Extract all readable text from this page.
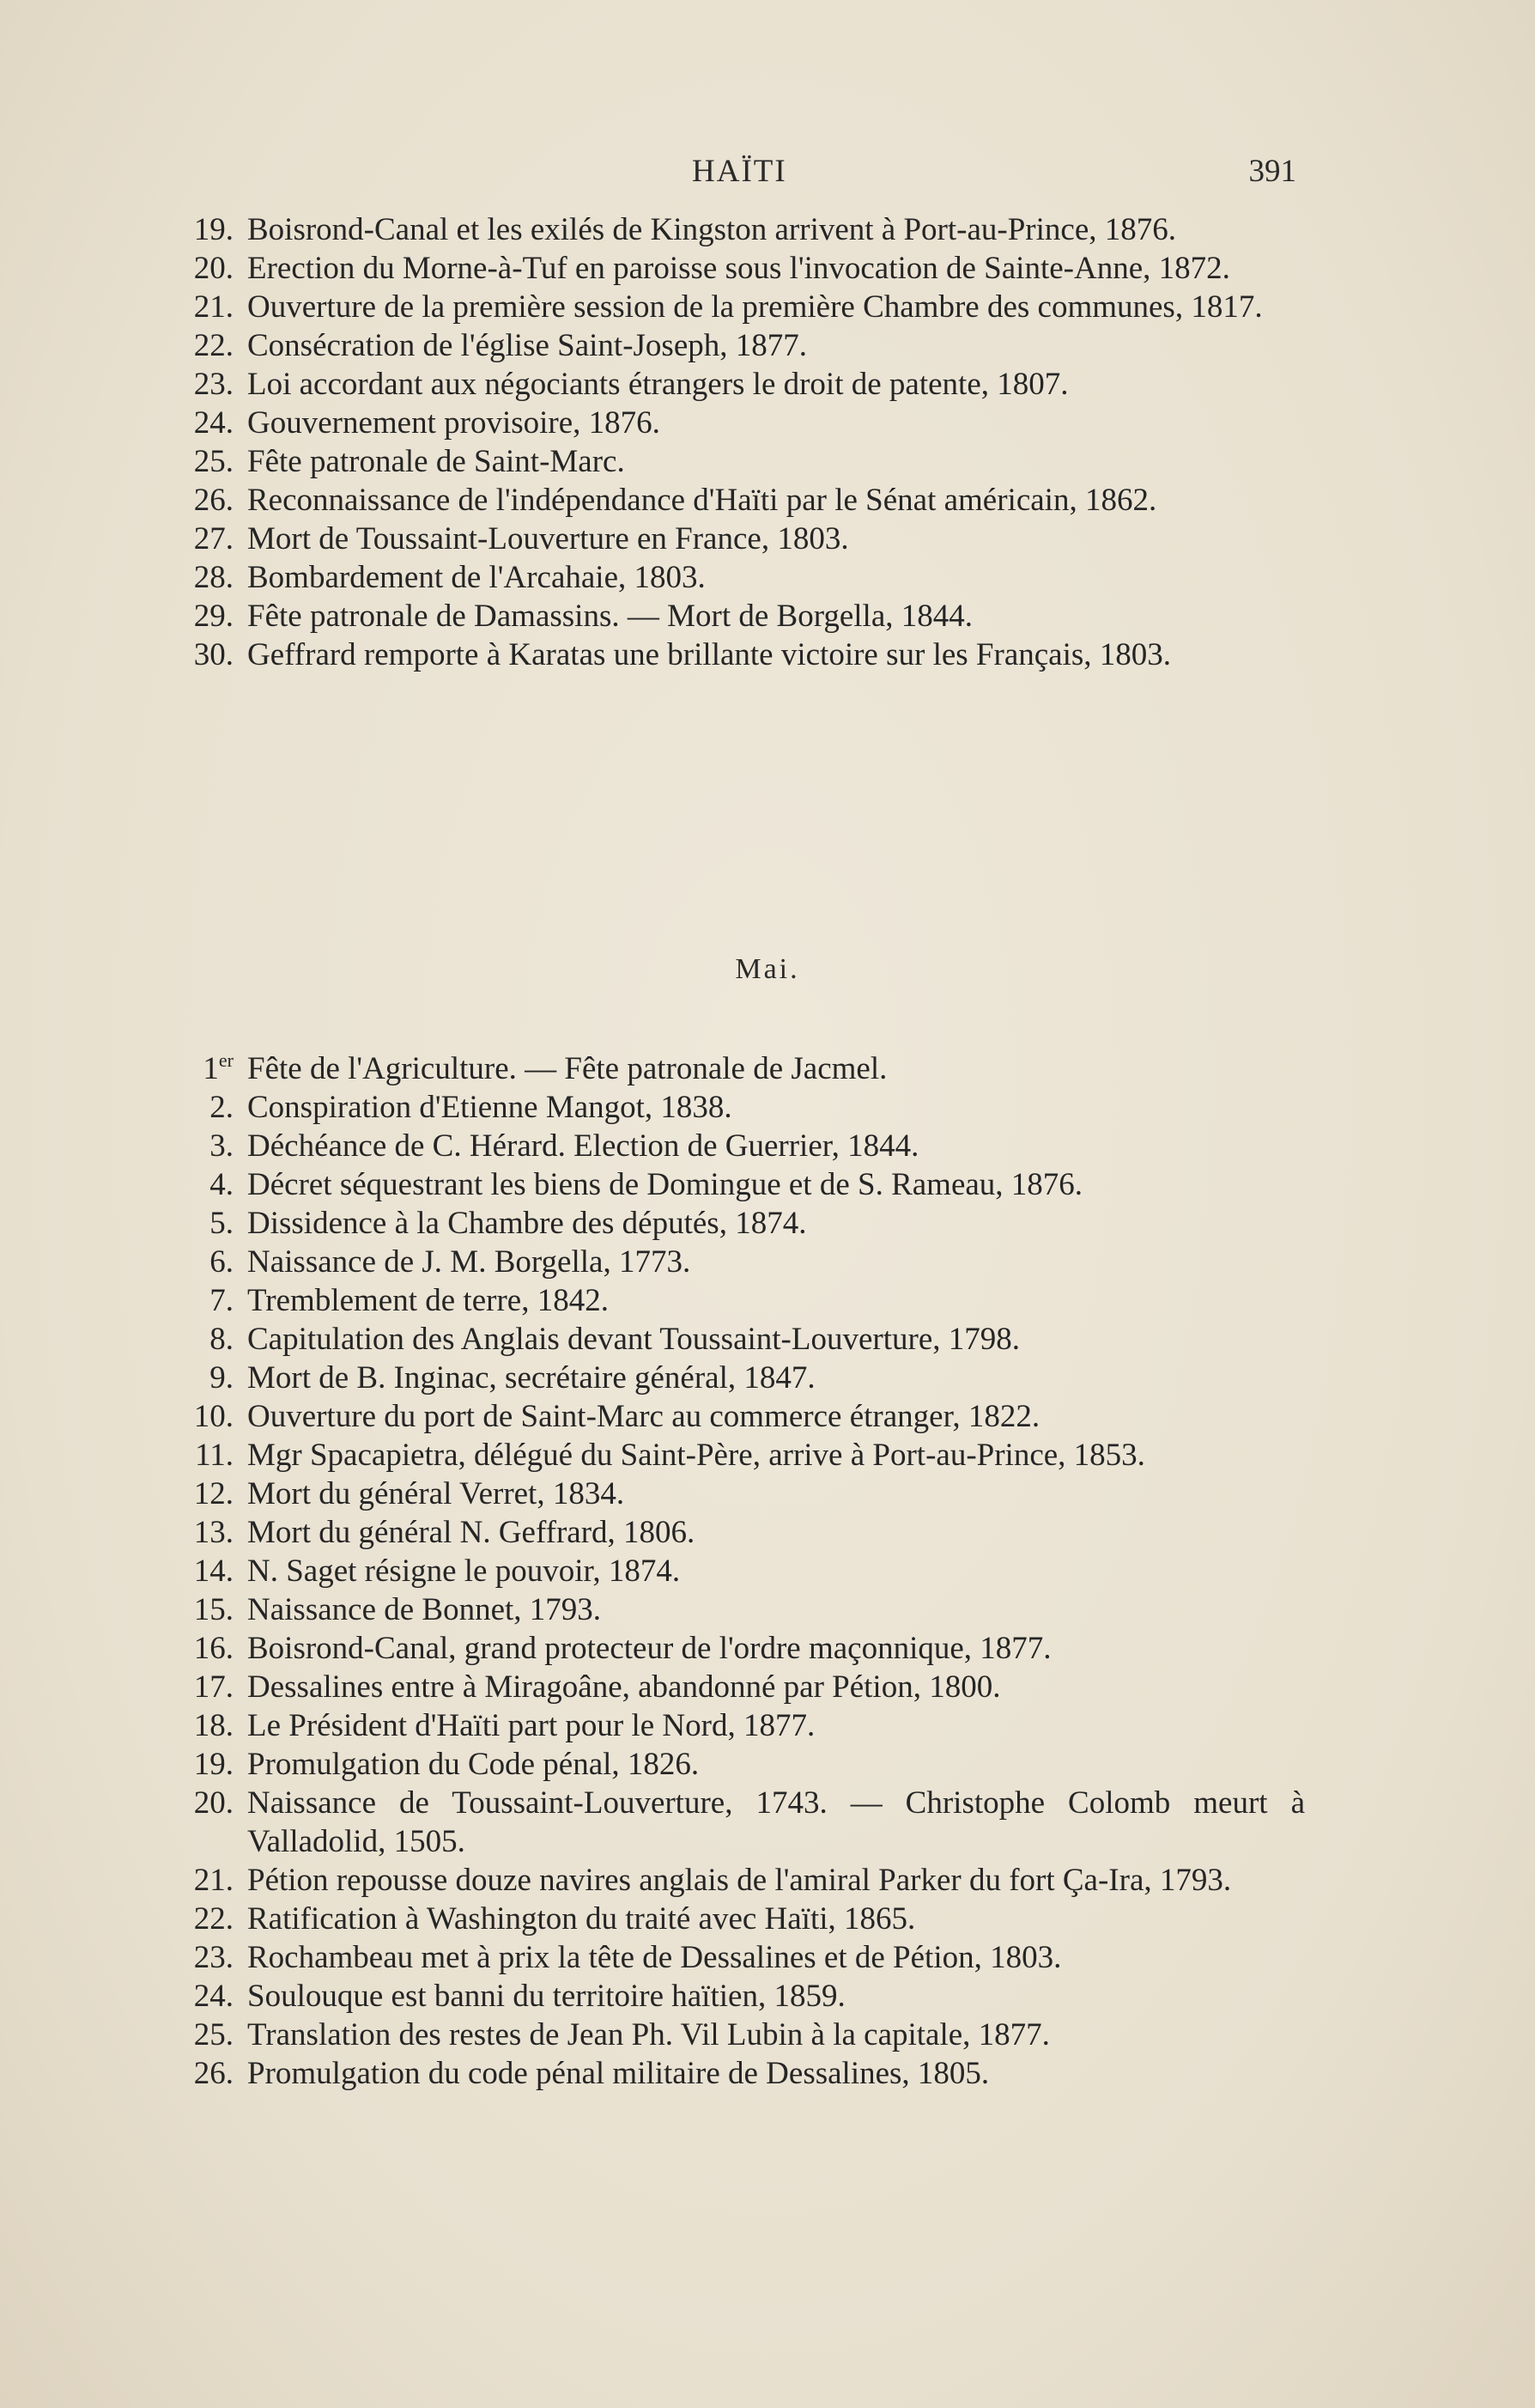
HAÏTI	391
19. Boisrond-Canal et les exilés de Kingston arrivent à Port-au-Prince, 1876.
20. Erection du Morne-à-Tuf en paroisse sous l'invocation de Sainte-Anne, 1872.
21. Ouverture de la première session de la première Chambre des communes, 1817.
22. Consécration de l'église Saint-Joseph, 1877.
23. Loi accordant aux négociants étrangers le droit de patente, 1807.
24. Gouvernement provisoire, 1876.
25. Fête patronale de Saint-Marc.
26. Reconnaissance de l'indépendance d'Haïti par le Sénat américain, 1862.
27. Mort de Toussaint-Louverture en France, 1803.
28. Bombardement de l'Arcahaie, 1803.
29. Fête patronale de Damassins. — Mort de Borgella, 1844.
30. Geffrard remporte à Karatas une brillante victoire sur les Français, 1803.
Mai.
1er Fête de l'Agriculture. — Fête patronale de Jacmel.
2. Conspiration d'Etienne Mangot, 1838.
3. Déchéance de C. Hérard. Election de Guerrier, 1844.
4. Décret séquestrant les biens de Domingue et de S. Rameau, 1876.
5. Dissidence à la Chambre des députés, 1874.
6. Naissance de J. M. Borgella, 1773.
7. Tremblement de terre, 1842.
8. Capitulation des Anglais devant Toussaint-Louverture, 1798.
9. Mort de B. Inginac, secrétaire général, 1847.
10. Ouverture du port de Saint-Marc au commerce étranger, 1822.
11. Mgr Spacapietra, délégué du Saint-Père, arrive à Port-au-Prince, 1853.
12. Mort du général Verret, 1834.
13. Mort du général N. Geffrard, 1806.
14. N. Saget résigne le pouvoir, 1874.
15. Naissance de Bonnet, 1793.
16. Boisrond-Canal, grand protecteur de l'ordre maçonnique, 1877.
17. Dessalines entre à Miragoâne, abandonné par Pétion, 1800.
18. Le Président d'Haïti part pour le Nord, 1877.
19. Promulgation du Code pénal, 1826.
20. Naissance de Toussaint-Louverture, 1743. — Christophe Colomb meurt à Valladolid, 1505.
21. Pétion repousse douze navires anglais de l'amiral Parker du fort Ça-Ira, 1793.
22. Ratification à Washington du traité avec Haïti, 1865.
23. Rochambeau met à prix la tête de Dessalines et de Pétion, 1803.
24. Soulouque est banni du territoire haïtien, 1859.
25. Translation des restes de Jean Ph. Vil Lubin à la capitale, 1877.
26. Promulgation du code pénal militaire de Dessalines, 1805.
